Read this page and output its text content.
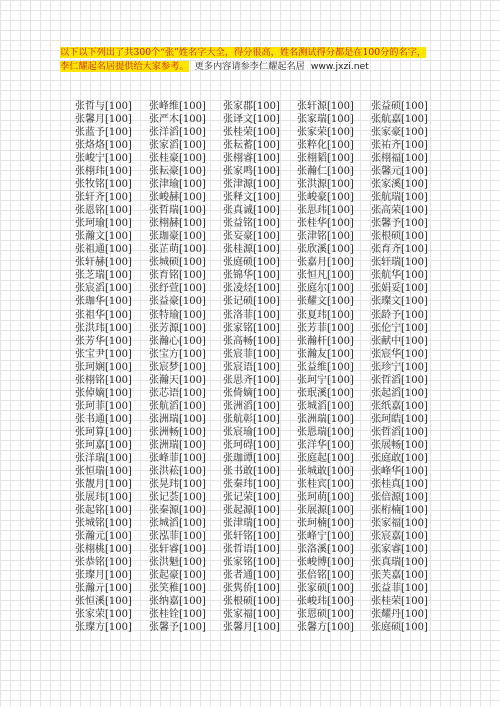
以下以下列出了共300个“张”姓名字大全，得分很高，姓名测试得分都是在100分的名字，李仁耀起名居提供给大家参考。 更多内容请参李仁耀起名居 www.jxzi.net
张哲与[100]	张峰维[100]	张家郡[100]	张轩源[100]	张益硕[100]
张馨月[100]	张严木[100]	张译文[100]	张家瑞[100]	张航嘉[100]
张蓝予[100]	张洋滔[100]	张桂荣[100]	张家荣[100]	张家豪[100]
张烙烙[100]	张家滔[100]	张耘蓄[100]	张粹化[100]	张祐齐[100]
张峻宁[100]	张桂豪[100]	张栩睿[100]	张栩韬[100]	张栩福[100]
张栩玮[100]	张耘豪[100]	张家鸣[100]	张瀚仁[100]	张馨元[100]
张牧铭[100]	张津瑜[100]	张津源[100]	张洪源[100]	张家溪[100]
张轩齐[100]	张峻赫[100]	张释文[100]	张峻豪[100]	张航瑞[100]
张恩铭[100]	张哲瑞[100]	张真诚[100]	张思玮[100]	张高荣[100]
张珂瑜[100]	张栩赫[100]	张益铭[100]	张桂华[100]	张馨予[100]
张瀚文[100]	张珈豪[100]	张妄豪[100]	张津铭[100]	张根硕[100]
张祖通[100]	张芷萌[100]	张桂源[100]	张欣溪[100]	张育齐[100]
张轩赫[100]	张城硕[100]	张庭硕[100]	张嘉月[100]	张轩瑞[100]
张芝瑞[100]	张育铭[100]	张锦华[100]	张恒凡[100]	张航华[100]
张宸滔[100]	张纾萱[100]	张凌烃[100]	张庭尔[100]	张娟妥[100]
张珈华[100]	张益豪[100]	张记硕[100]	张耀文[100]	张璨文[100]
张祖华[100]	张特瑜[100]	张洛菲[100]	张夏玮[100]	张龄予[100]
张洪玮[100]	张芳源[100]	张家铭[100]	张芳菲[100]	张伦宁[100]
张芳华[100]	张瀚心[100]	张高畅[100]	张瀚杆[100]	张献中[100]
张宝尹[100]	张宝方[100]	张宸菲[100]	张瀚友[100]	张宸华[100]
张珂娴[100]	张宸梦[100]	张宸语[100]	张益维[100]	张珍宁[100]
张栩铭[100]	张瀚天[100]	张思齐[100]	张珂宁[100]	张哲滔[100]
张倬嫡[100]	张芯语[100]	张倚嫡[100]	张珉溪[100]	张起滔[100]
张珂菲[100]	张航滔[100]	张洲滔[100]	张城滔[100]	张纸嘉[100]
张书通[100]	张洲瑞[100]	张航彰[100]	张洲瑞[100]	张珂皓[100]
张珂算[100]	张洲畅[100]	张宸瑜[100]	张恩瑞[100]	张哲滔[100]
张珂嘉[100]	张洲瑞[100]	张珂碍[100]	张洋华[100]	张展畅[100]
张洋瑞[100]	张峰菲[100]	张珈谭[100]	张庭起[100]	张庭敢[100]
张恒瑞[100]	张洪菘[100]	张书敢[100]	张城敢[100]	张峰华[100]
张靓月[100]	张晃玮[100]	张秦玮[100]	张桂宾[100]	张桂真[100]
张展玮[100]	张记荟[100]	张记荣[100]	张珂萌[100]	张倍源[100]
张起铭[100]	张秦源[100]	张起源[100]	张展源[100]	张桁楠[100]
张城铭[100]	张城滔[100]	张津瑞[100]	张珂楠[100]	张家福[100]
张瀚元[100]	张泓菲[100]	张轩铭[100]	张峰宁[100]	张宸嘉[100]
张栩桃[100]	张轩睿[100]	张哲语[100]	张洛溪[100]	张家睿[100]
张恭铭[100]	张洪魁[100]	张家铭[100]	张峻博[100]	张真瑞[100]
张璨月[100]	张起豪[100]	张者通[100]	张倍铭[100]	张芙嘉[100]
张瀚亓[100]	张笑稚[100]	张隽侨[100]	张家硕[100]	张益菲[100]
张恒溪[100]	张纳嘉[100]	张根硕[100]	张峻玮[100]	张桂荣[100]
张家荣[100]	张桂铨[100]	张家福[100]	张恩硕[100]	张耀丹[100]
张璨方[100]	张馨予[100]	张馨月[100]	张馨方[100]	张庭硕[100]
